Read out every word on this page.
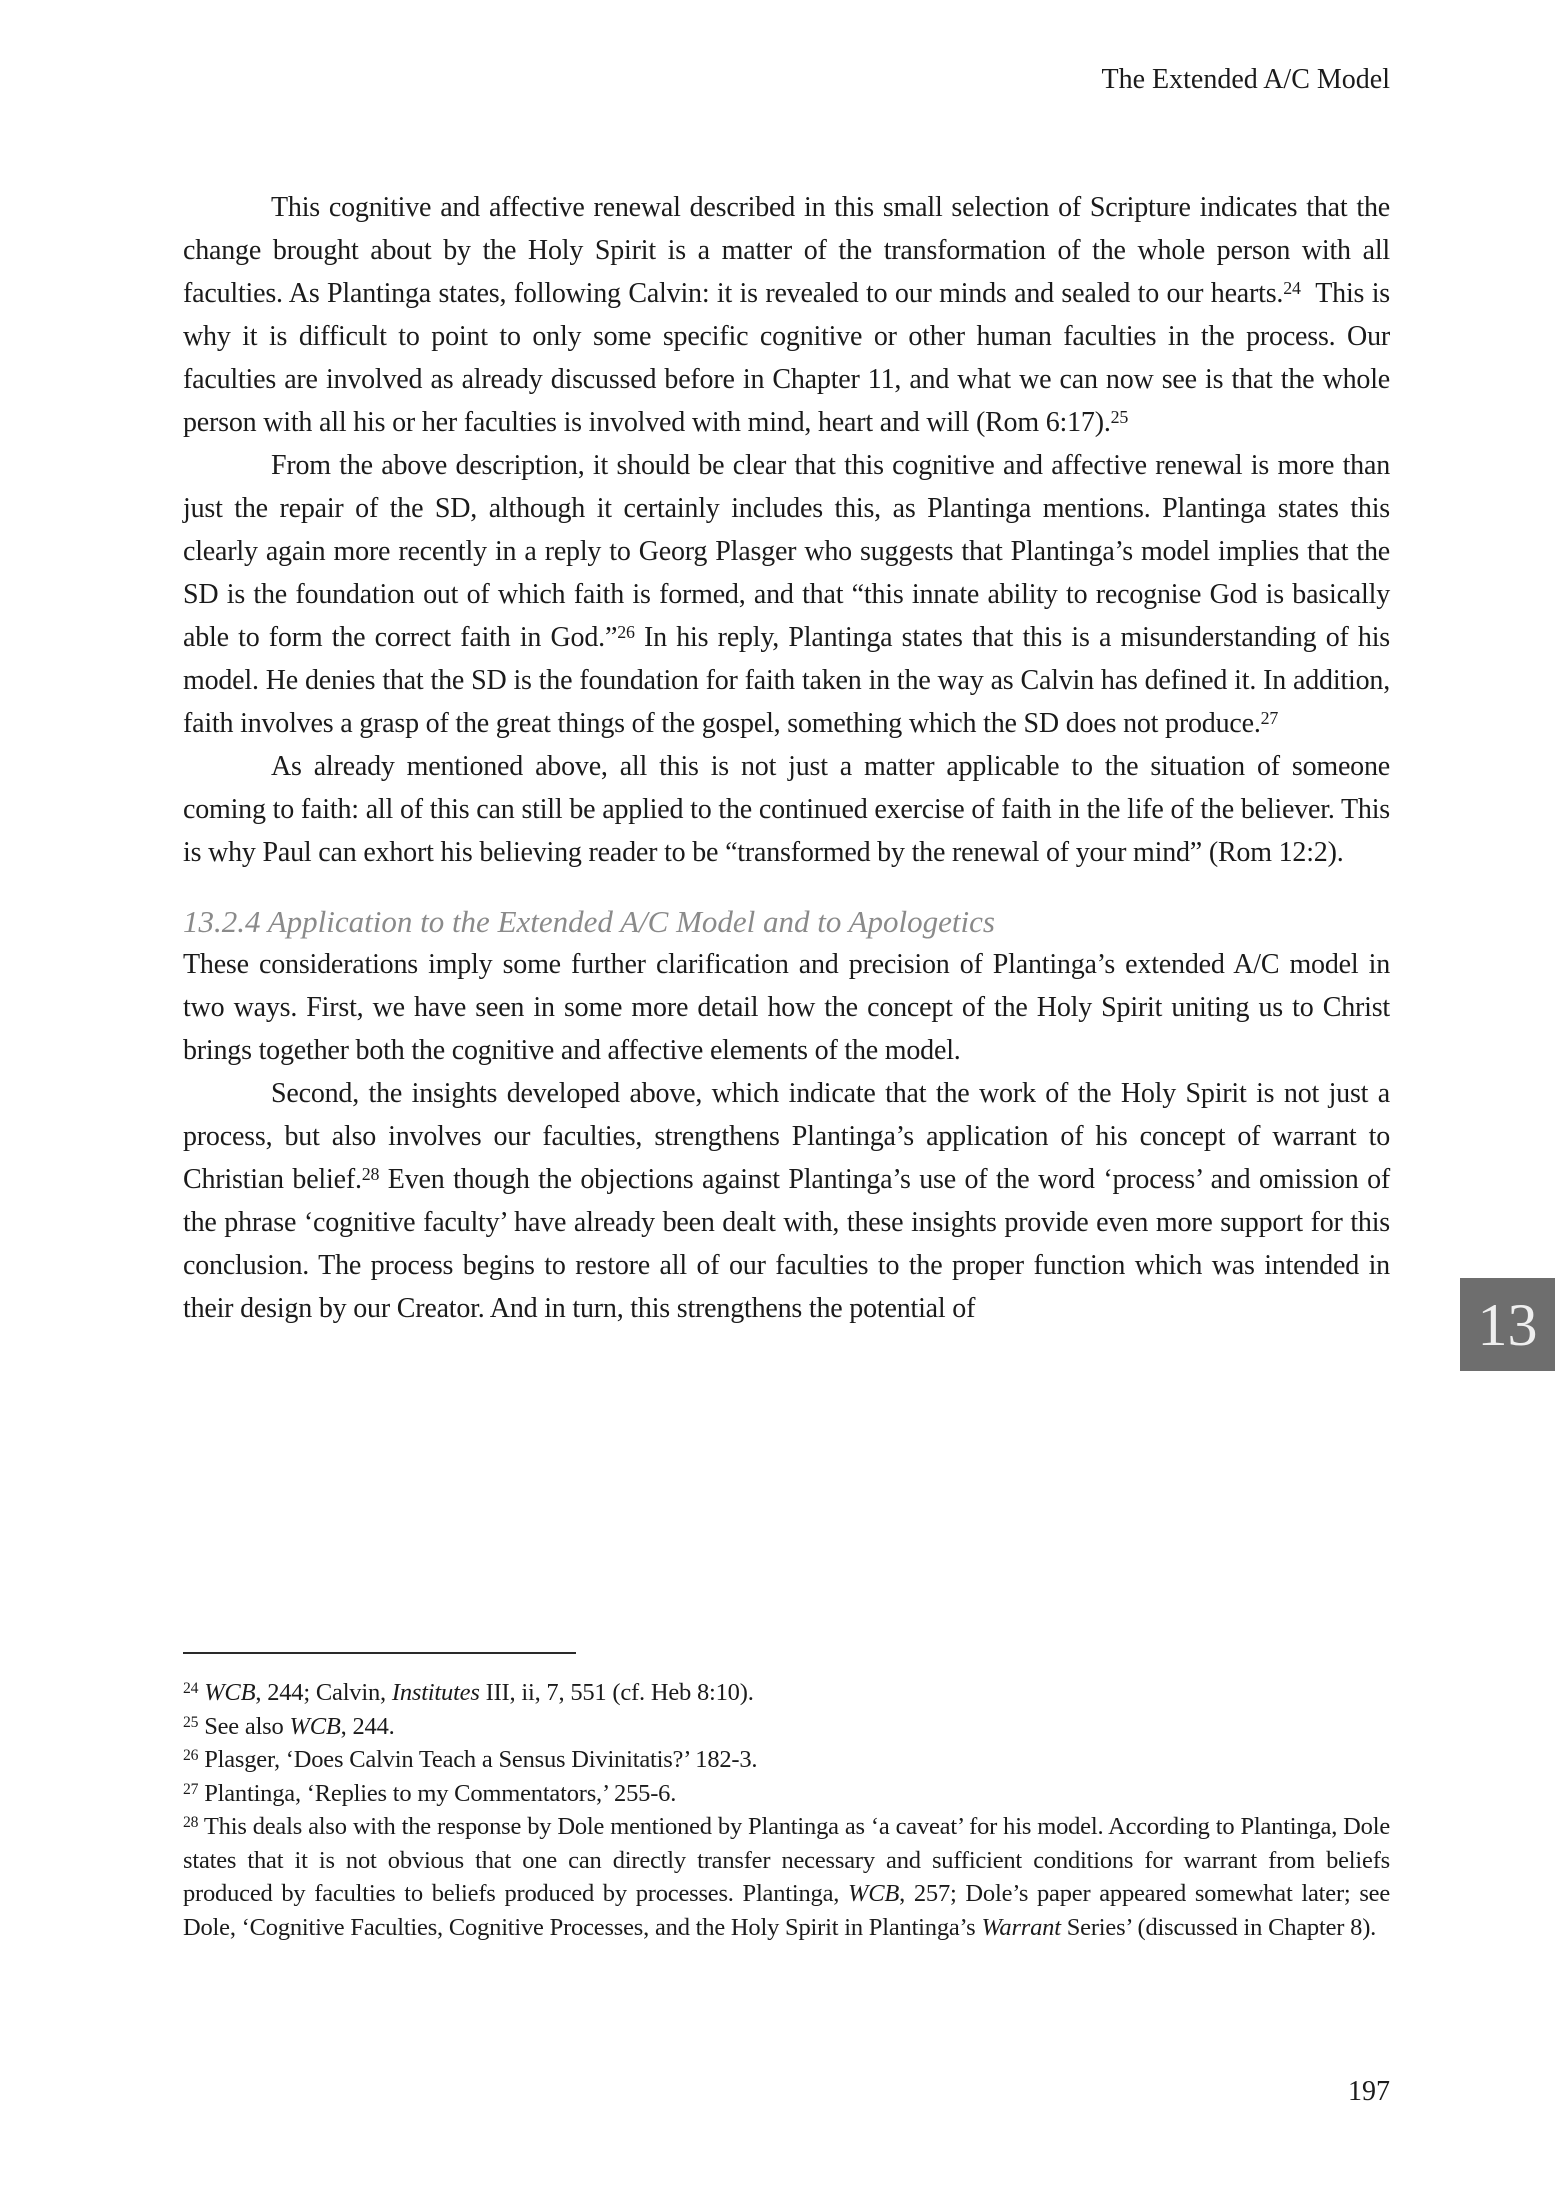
The Extended A/C Model

This cognitive and affective renewal described in this small selection of Scripture indicates that the change brought about by the Holy Spirit is a matter of the transformation of the whole person with all faculties. As Plantinga states, following Calvin: it is revealed to our minds and sealed to our hearts.$^{24}$  This is why it is difficult to point to only some specific cognitive or other human faculties in the process. Our faculties are involved as already discussed before in Chapter 11, and what we can now see is that the whole person with all his or her faculties is involved with mind, heart and will (Rom 6:17).$^{25}$

From the above description, it should be clear that this cognitive and affective renewal is more than just the repair of the SD, although it certainly includes this, as Plantinga mentions. Plantinga states this clearly again more recently in a reply to Georg Plasger who suggests that Plantinga’s model implies that the SD is the foundation out of which faith is formed, and that “this innate ability to recognise God is basically able to form the correct faith in God.”$^{26}$ In his reply, Plantinga states that this is a misunderstanding of his model. He denies that the SD is the foundation for faith taken in the way as Calvin has defined it. In addition, faith involves a grasp of the great things of the gospel, something which the SD does not produce.$^{27}$

As already mentioned above, all this is not just a matter applicable to the situation of someone coming to faith: all of this can still be applied to the continued exercise of faith in the life of the believer. This is why Paul can exhort his believing reader to be “transformed by the renewal of your mind” (Rom 12:2).

13.2.4 Application to the Extended A/C Model and to Apologetics

These considerations imply some further clarification and precision of Plantinga’s extended A/C model in two ways. First, we have seen in some more detail how the concept of the Holy Spirit uniting us to Christ brings together both the cognitive and affective elements of the model.

Second, the insights developed above, which indicate that the work of the Holy Spirit is not just a process, but also involves our faculties, strengthens Plantinga’s application of his concept of warrant to Christian belief.$^{28}$ Even though the objections against Plantinga’s use of the word ‘process’ and omission of the phrase ‘cognitive faculty’ have already been dealt with, these insights provide even more support for this conclusion. The process begins to restore all of our faculties to the proper function which was intended in their design by our Creator. And in turn, this strengthens the potential of	13

$^{24}$ WCB, 244; Calvin, Institutes III, ii, 7, 551 (cf. Heb 8:10).

$^{25}$ See also WCB, 244.

$^{26}$ Plasger, ‘Does Calvin Teach a Sensus Divinitatis?’ 182-3.

$^{27}$ Plantinga, ‘Replies to my Commentators,’ 255-6.

$^{28}$ This deals also with the response by Dole mentioned by Plantinga as ‘a caveat’ for his model. According to Plantinga, Dole states that it is not obvious that one can directly transfer necessary and sufficient conditions for warrant from beliefs produced by faculties to beliefs produced by processes. Plantinga, WCB, 257; Dole’s paper appeared somewhat later; see Dole, ‘Cognitive Faculties, Cognitive Processes, and the Holy Spirit in Plantinga’s Warrant Series’ (discussed in Chapter 8).

197
